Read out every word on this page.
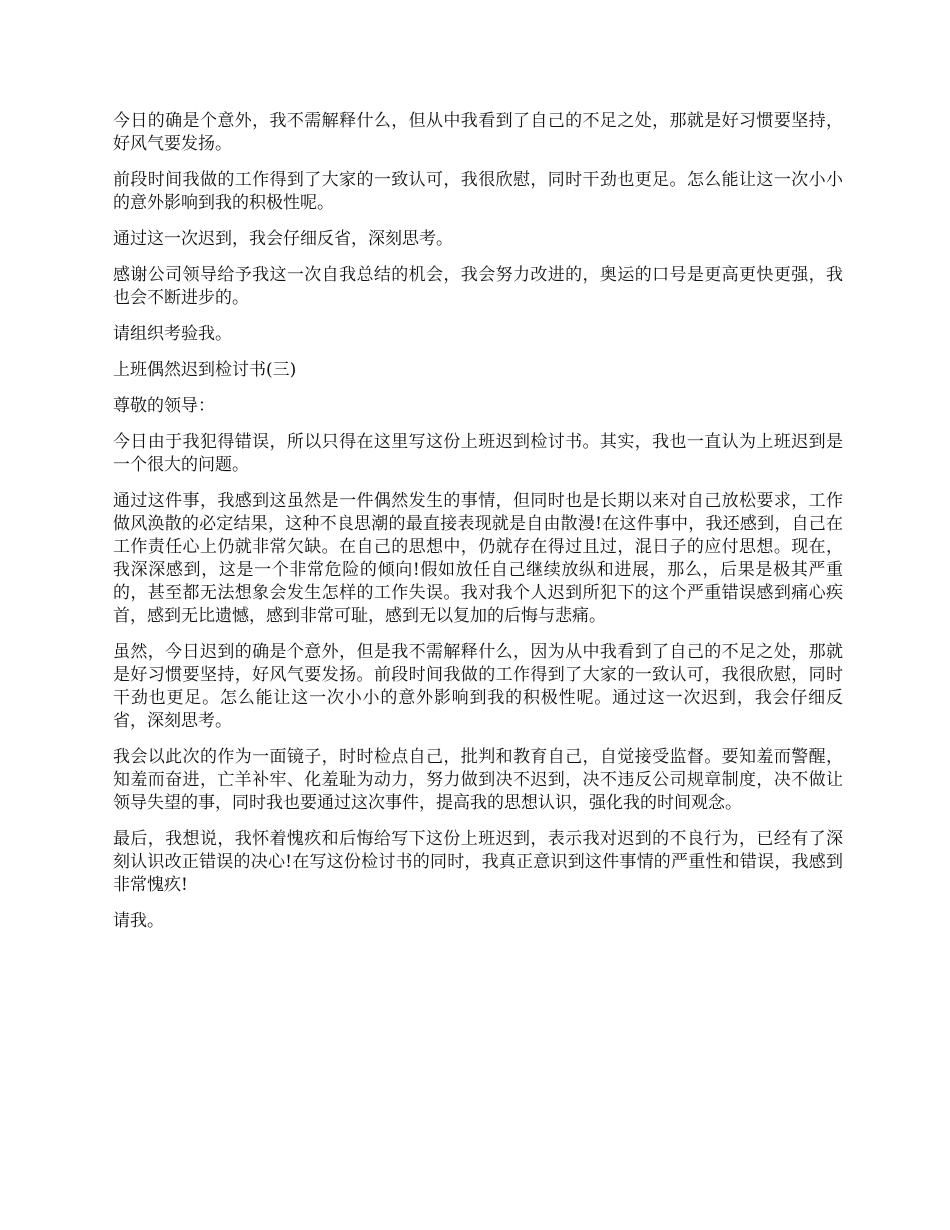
今日的确是个意外，我不需解释什么，但从中我看到了自己的不足之处，那就是好习惯要坚持，好风气要发扬。

前段时间我做的工作得到了大家的一致认可，我很欣慰，同时干劲也更足。怎么能让这一次小小的意外影响到我的积极性呢。

通过这一次迟到，我会仔细反省，深刻思考。

感谢公司领导给予我这一次自我总结的机会，我会努力改进的，奥运的口号是更高更快更强，我也会不断进步的。

请组织考验我。

上班偶然迟到检讨书(三)

尊敬的领导：

今日由于我犯得错误，所以只得在这里写这份上班迟到检讨书。其实，我也一直认为上班迟到是一个很大的问题。

通过这件事，我感到这虽然是一件偶然发生的事情，但同时也是长期以来对自己放松要求，工作做风涣散的必定结果，这种不良思潮的最直接表现就是自由散漫!在这件事中，我还感到，自己在工作责任心上仍就非常欠缺。在自己的思想中，仍就存在得过且过，混日子的应付思想。现在，我深深感到，这是一个非常危险的倾向!假如放任自己继续放纵和进展，那么，后果是极其严重的，甚至都无法想象会发生怎样的工作失误。我对我个人迟到所犯下的这个严重错误感到痛心疾首，感到无比遗憾，感到非常可耻，感到无以复加的后悔与悲痛。

虽然，今日迟到的确是个意外，但是我不需解释什么，因为从中我看到了自己的不足之处，那就是好习惯要坚持，好风气要发扬。前段时间我做的工作得到了大家的一致认可，我很欣慰，同时干劲也更足。怎么能让这一次小小的意外影响到我的积极性呢。通过这一次迟到，我会仔细反省，深刻思考。

我会以此次的作为一面镜子，时时检点自己，批判和教育自己，自觉接受监督。要知羞而警醒，知羞而奋进，亡羊补牢、化羞耻为动力，努力做到决不迟到，决不违反公司规章制度，决不做让领导失望的事，同时我也要通过这次事件，提高我的思想认识，强化我的时间观念。

最后，我想说，我怀着愧疚和后悔给写下这份上班迟到，表示我对迟到的不良行为，已经有了深刻认识改正错误的决心!在写这份检讨书的同时，我真正意识到这件事情的严重性和错误，我感到非常愧疚!

请我。
